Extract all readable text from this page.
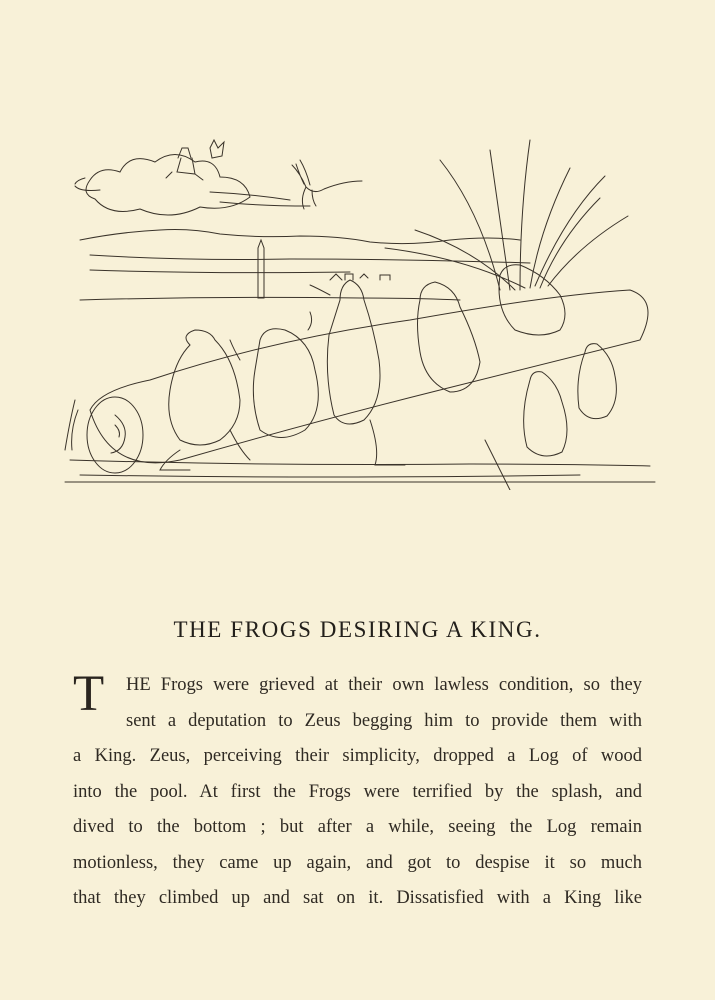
THE FROGS DESIRING A KING.
T	HE Frogs were grieved at their own lawless condition, so they
sent a deputation to Zeus begging him to provide them with
a King. Zeus, perceiving their simplicity, dropped a Log of wood
into the pool. At first the Frogs were terrified by the splash, and
dived to the bottom ; but after a while, seeing the Log remain
motionless, they came up again, and got to despise it so much
that they climbed up and sat on it. Dissatisfied with a King like
